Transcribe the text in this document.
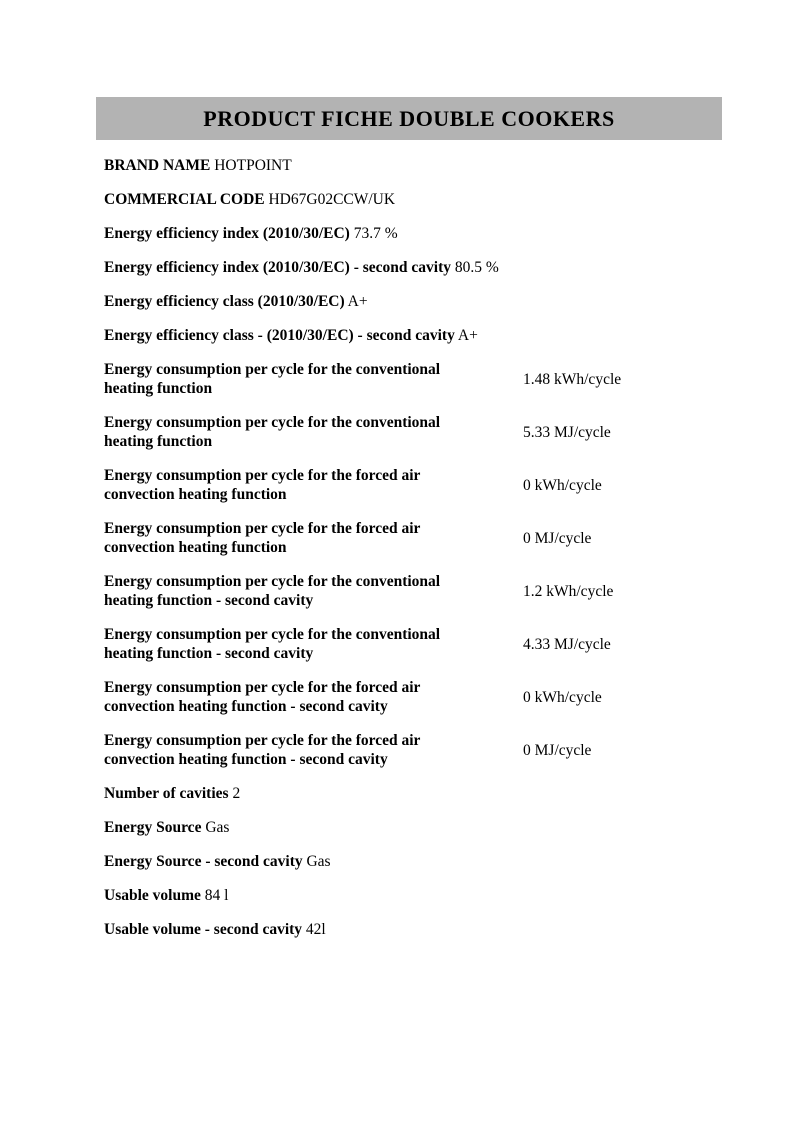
PRODUCT FICHE DOUBLE COOKERS

BRAND NAME HOTPOINT

COMMERCIAL CODE HD67G02CCW/UK

Energy efficiency index (2010/30/EC) 73.7 %

Energy efficiency index (2010/30/EC) - second cavity 80.5 %

Energy efficiency class (2010/30/EC) A+

Energy efficiency class - (2010/30/EC) - second cavity A+

Energy consumption per cycle for the conventional heating function
1.48 kWh/cycle
Energy consumption per cycle for the conventional heating function
5.33 MJ/cycle
Energy consumption per cycle for the forced air convection heating function
0 kWh/cycle
Energy consumption per cycle for the forced air convection heating function
0 MJ/cycle
Energy consumption per cycle for the conventional heating function - second cavity
1.2 kWh/cycle
Energy consumption per cycle for the conventional heating function - second cavity
4.33 MJ/cycle
Energy consumption per cycle for the forced air convection heating function - second cavity
0 kWh/cycle
Energy consumption per cycle for the forced air convection heating function - second cavity
0 MJ/cycle

Number of cavities 2

Energy Source Gas

Energy Source - second cavity Gas

Usable volume 84 l

Usable volume - second cavity 42l
